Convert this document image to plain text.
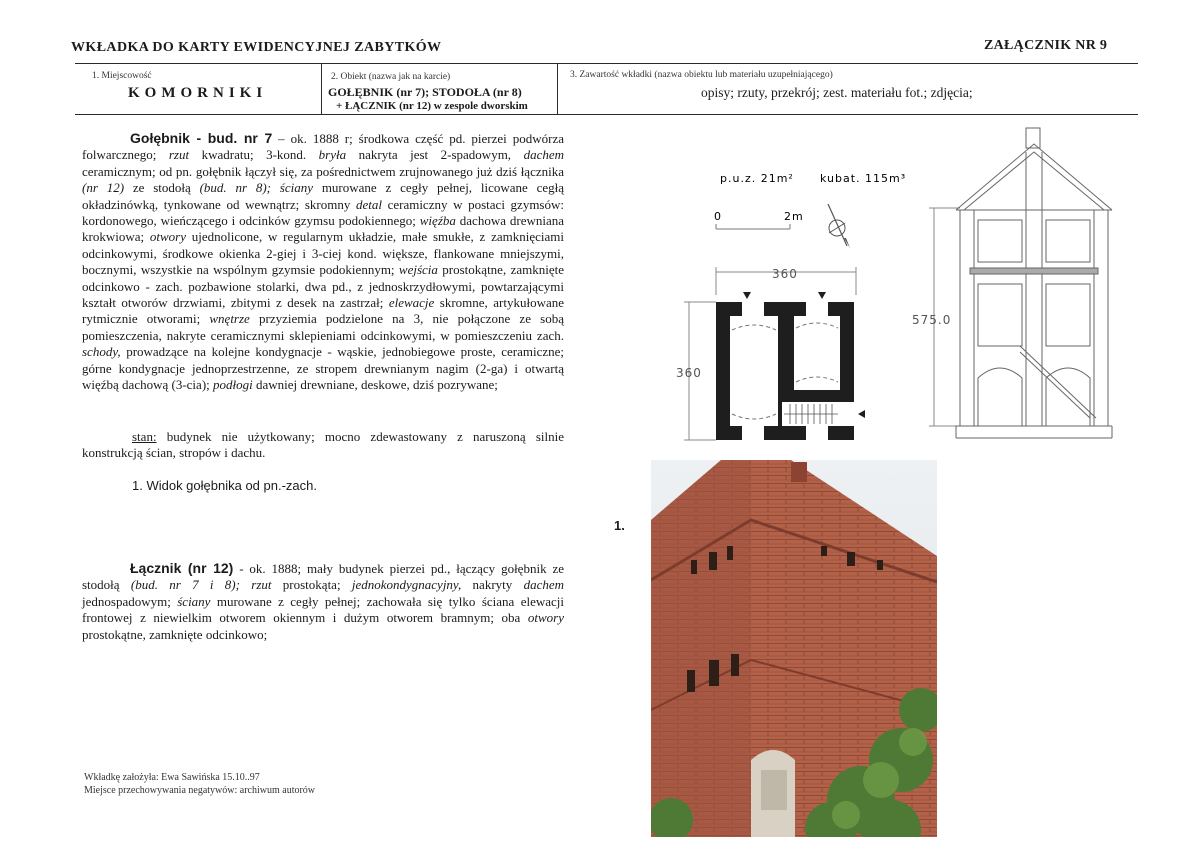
WKŁADKA DO KARTY EWIDENCYJNEJ ZABYTKÓW	ZAŁĄCZNIK NR 9
1. Miejscowość
KOMORNIKI
2. Obiekt (nazwa jak na karcie)
GOŁĘBNIK (nr 7); STODOŁA (nr 8)
+ ŁĄCZNIK (nr 12) w zespole dworskim
3. Zawartość wkładki (nazwa obiektu lub materiału uzupełniającego)
opisy; rzuty, przekrój; zest. materiału fot.; zdjęcia;
Gołębnik - bud. nr 7 – ok. 1888 r; środkowa część pd. pierzei podwórza folwarcznego; rzut kwadratu; 3-kond. bryła nakryta jest 2-spadowym, dachem ceramicznym; od pn. gołębnik łączył się, za pośrednictwem zrujnowanego już dziś łącznika (nr 12) ze stodołą (bud. nr 8); ściany murowane z cegły pełnej, licowane cegłą okładzinówką, tynkowane od wewnątrz; skromny detal ceramiczny w postaci gzymsów: kordonowego, wieńczącego i odcinków gzymsu podokiennego; więźba dachowa drewniana krokwiowa; otwory ujednolicone, w regularnym układzie, małe smukłe, z zamknięciami odcinkowymi, środkowe okienka 2-giej i 3-ciej kond. większe, flankowane mniejszymi, bocznymi, wszystkie na wspólnym gzymsie podokiennym; wejścia prostokątne, zamknięte odcinkowo - zach. pozbawione stolarki, dwa pd., z jednoskrzydłowymi, powtarzającymi kształt otworów drzwiami, zbitymi z desek na zastrzał; elewacje skromne, artykułowane rytmicznie otworami; wnętrze przyziemia podzielone na 3, nie połączone ze sobą pomieszczenia, nakryte ceramicznymi sklepieniami odcinkowymi, w pomieszczeniu zach. schody, prowadzące na kolejne kondygnacje - wąskie, jednobiegowe proste, ceramiczne; górne kondygnacje jednoprzestrzenne, ze stropem drewnianym nagim (2-ga) i otwartą więźbą dachową (3-cia); podłogi dawniej drewniane, deskowe, dziś pozrywane;
stan: budynek nie użytkowany; mocno zdewastowany z naruszoną silnie konstrukcją ścian, stropów i dachu.
1. Widok gołębnika od pn.-zach.
Łącznik (nr 12) - ok. 1888; mały budynek pierzei pd., łączący gołębnik ze stodołą (bud. nr 7 i 8); rzut prostokąta; jednokondygnacyjny, nakryty dachem jednospadowym; ściany murowane z cegły pełnej; zachowała się tylko ściana elewacji frontowej z niewielkim otworem okiennym i dużym otworem bramnym; oba otwory prostokątne, zamknięte odcinkowo;
Wkładkę założyła: Ewa Sawińska 15.10..97
Miejsce przechowywania negatywów: archiwum autorów
1.
p.u.z. 21m² kubat. 115m³
0	2m
360
360
575.0
